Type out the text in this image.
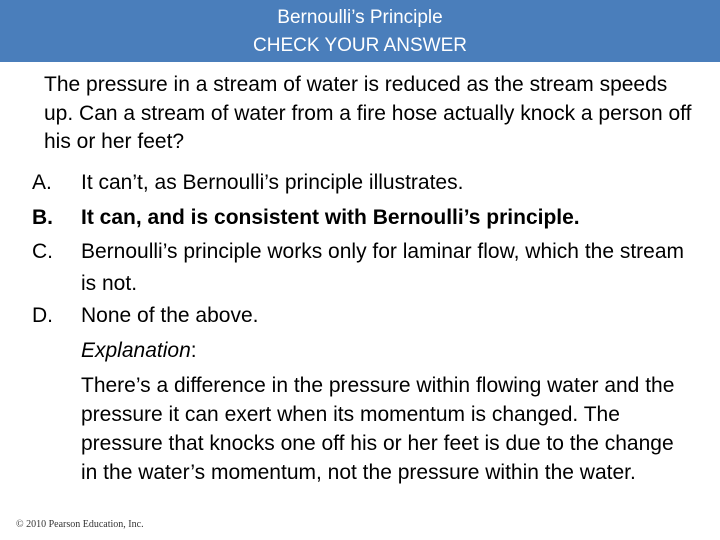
Bernoulli’s Principle
CHECK YOUR ANSWER
The pressure in a stream of water is reduced as the stream speeds up. Can a stream of water from a fire hose actually knock a person off his or her feet?
A. It can’t, as Bernoulli’s principle illustrates.
B. It can, and is consistent with Bernoulli’s principle.
C. Bernoulli’s principle works only for laminar flow, which the stream is not.
D. None of the above.
Explanation:
There’s a difference in the pressure within flowing water and the pressure it can exert when its momentum is changed. The pressure that knocks one off his or her feet is due to the change in the water’s momentum, not the pressure within the water.
© 2010 Pearson Education, Inc.
